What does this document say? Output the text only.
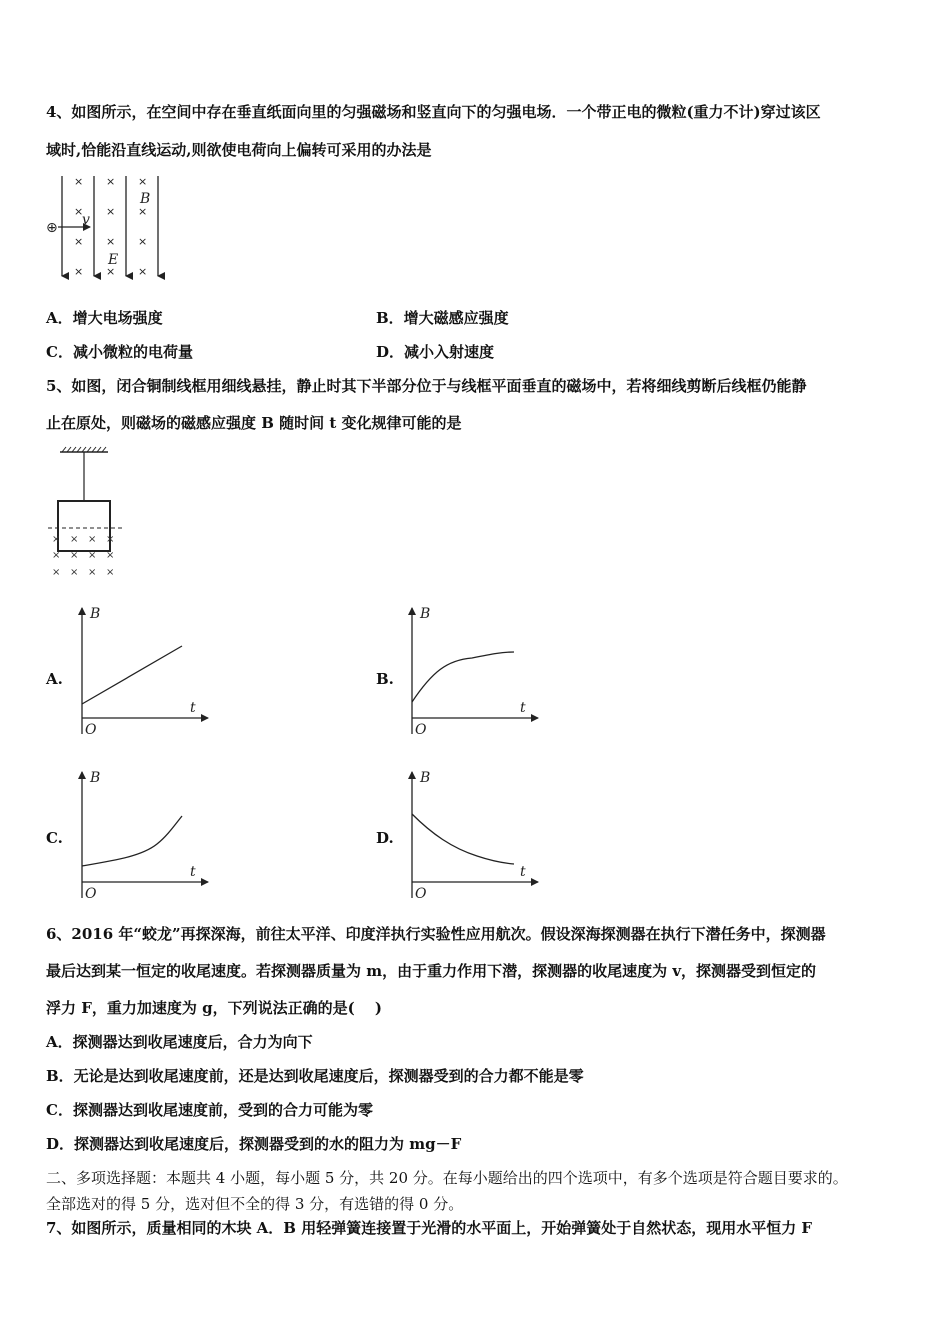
4、如图所示，在空间中存在垂直纸面向里的匀强磁场和竖直向下的匀强电场．一个带正电的微粒(重力不计)穿过该区
域时,恰能沿直线运动,则欲使电荷向上偏转可采用的办法是
× × ×
× × ×
× × ×
× × ×
B
E
v
⊕
A．增大电场强度	B．增大磁感应强度
C．减小微粒的电荷量	D．减小入射速度
5、如图，闭合铜制线框用细线悬挂，静止时其下半部分位于与线框平面垂直的磁场中，若将细线剪断后线框仍能静
止在原处，则磁场的磁感应强度 B 随时间 t 变化规律可能的是
× × × ×
× × × ×
× × × ×
A.
B
t
O
B.
B
t
O
C.
B
t
O
D.
B
t
O
6、2016 年“蛟龙”再探深海，前往太平洋、印度洋执行实验性应用航次。假设深海探测器在执行下潜任务中，探测器
最后达到某一恒定的收尾速度。若探测器质量为 m，由于重力作用下潜，探测器的收尾速度为 v，探测器受到恒定的
浮力 F，重力加速度为 g，下列说法正确的是(　 )
A．探测器达到收尾速度后，合力为向下
B．无论是达到收尾速度前，还是达到收尾速度后，探测器受到的合力都不能是零
C．探测器达到收尾速度前，受到的合力可能为零
D．探测器达到收尾速度后，探测器受到的水的阻力为 mg－F
二、多项选择题：本题共 4 小题，每小题 5 分，共 20 分。在每小题给出的四个选项中，有多个选项是符合题目要求的。
全部选对的得 5 分，选对但不全的得 3 分，有选错的得 0 分。
7、如图所示，质量相同的木块 A．B 用轻弹簧连接置于光滑的水平面上，开始弹簧处于自然状态，现用水平恒力 F
